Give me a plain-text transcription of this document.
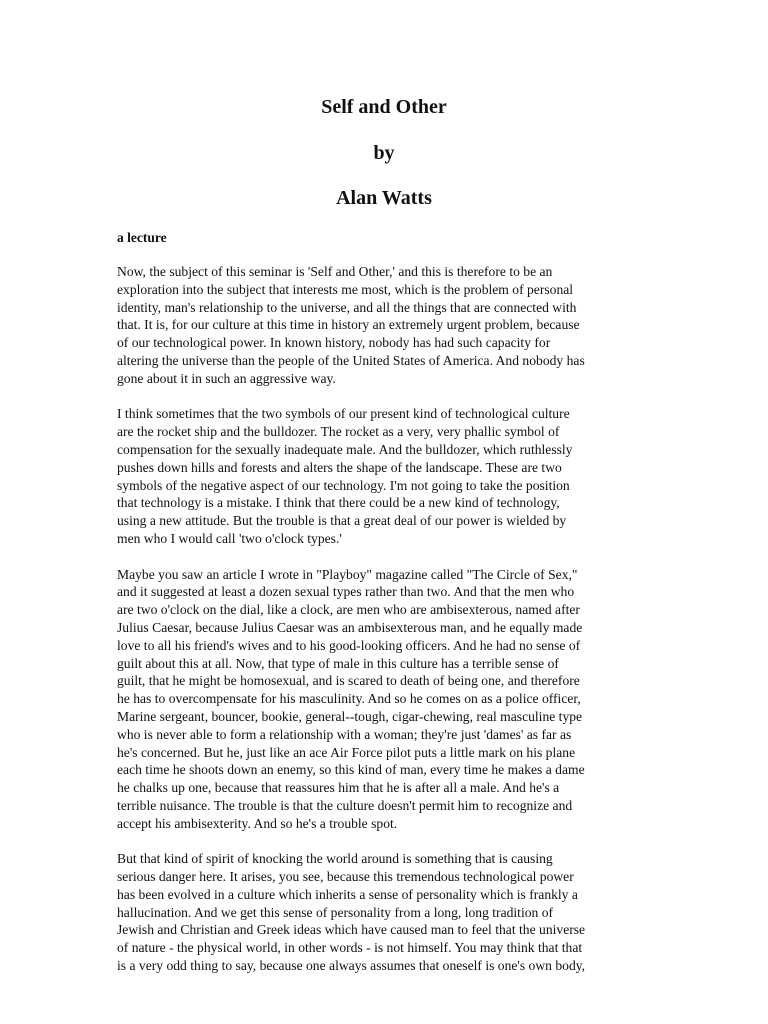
Self and Other
by
Alan Watts
a lecture

Now, the subject of this seminar is 'Self and Other,' and this is therefore to be an
exploration into the subject that interests me most, which is the problem of personal
identity, man's relationship to the universe, and all the things that are connected with
that. It is, for our culture at this time in history an extremely urgent problem, because
of our technological power. In known history, nobody has had such capacity for
altering the universe than the people of the United States of America. And nobody has
gone about it in such an aggressive way.

I think sometimes that the two symbols of our present kind of technological culture
are the rocket ship and the bulldozer. The rocket as a very, very phallic symbol of
compensation for the sexually inadequate male. And the bulldozer, which ruthlessly
pushes down hills and forests and alters the shape of the landscape. These are two
symbols of the negative aspect of our technology. I'm not going to take the position
that technology is a mistake. I think that there could be a new kind of technology,
using a new attitude. But the trouble is that a great deal of our power is wielded by
men who I would call 'two o'clock types.'

Maybe you saw an article I wrote in "Playboy" magazine called "The Circle of Sex,"
and it suggested at least a dozen sexual types rather than two. And that the men who
are two o'clock on the dial, like a clock, are men who are ambisexterous, named after
Julius Caesar, because Julius Caesar was an ambisexterous man, and he equally made
love to all his friend's wives and to his good-looking officers. And he had no sense of
guilt about this at all. Now, that type of male in this culture has a terrible sense of
guilt, that he might be homosexual, and is scared to death of being one, and therefore
he has to overcompensate for his masculinity. And so he comes on as a police officer,
Marine sergeant, bouncer, bookie, general--tough, cigar-chewing, real masculine type
who is never able to form a relationship with a woman; they're just 'dames' as far as
he's concerned. But he, just like an ace Air Force pilot puts a little mark on his plane
each time he shoots down an enemy, so this kind of man, every time he makes a dame
he chalks up one, because that reassures him that he is after all a male. And he's a
terrible nuisance. The trouble is that the culture doesn't permit him to recognize and
accept his ambisexterity. And so he's a trouble spot.

But that kind of spirit of knocking the world around is something that is causing
serious danger here. It arises, you see, because this tremendous technological power
has been evolved in a culture which inherits a sense of personality which is frankly a
hallucination. And we get this sense of personality from a long, long tradition of
Jewish and Christian and Greek ideas which have caused man to feel that the universe
of nature - the physical world, in other words - is not himself. You may think that that
is a very odd thing to say, because one always assumes that oneself is one's own body,
